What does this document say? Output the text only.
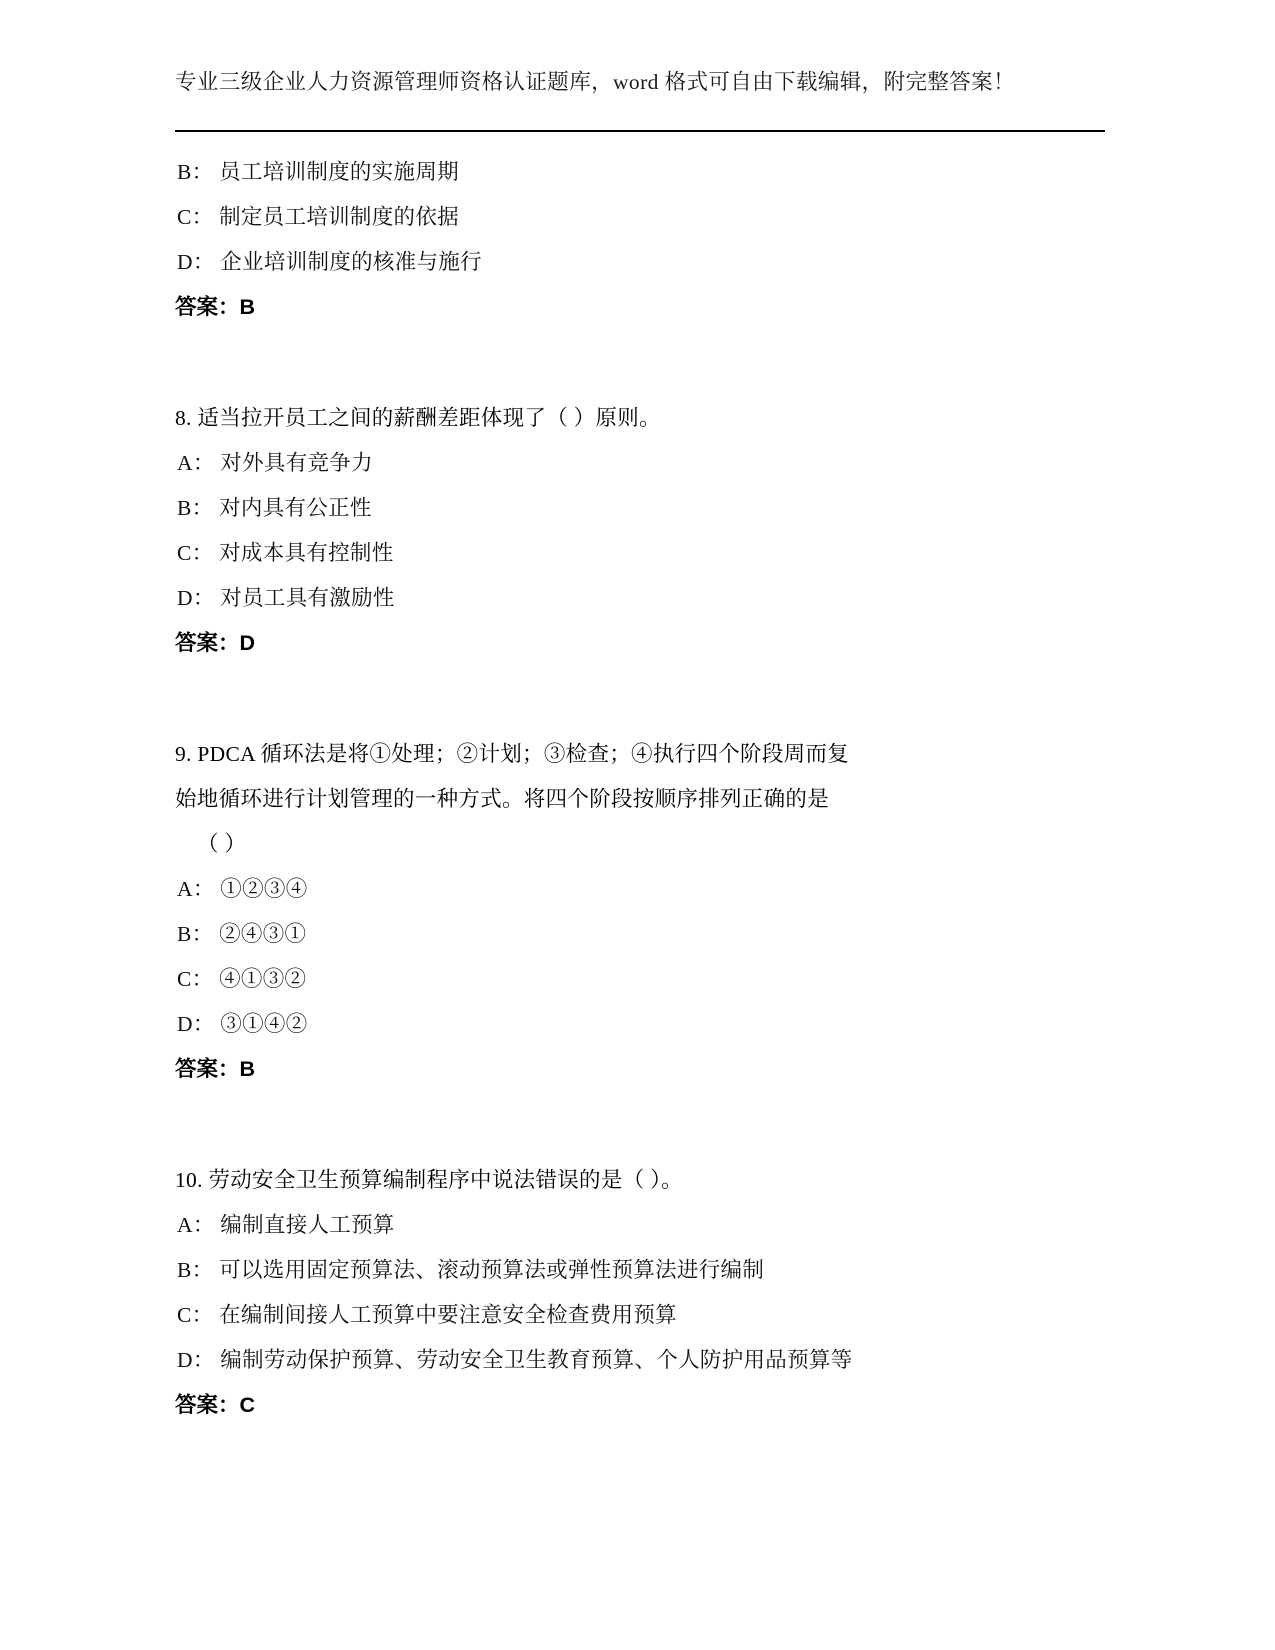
专业三级企业人力资源管理师资格认证题库，word 格式可自由下载编辑，附完整答案！
B： 员工培训制度的实施周期
C： 制定员工培训制度的依据
D： 企业培训制度的核准与施行
答案：B
8. 适当拉开员工之间的薪酬差距体现了（ ）原则。
A： 对外具有竞争力
B： 对内具有公正性
C： 对成本具有控制性
D： 对员工具有激励性
答案：D
9. PDCA 循环法是将①处理；②计划；③检查；④执行四个阶段周而复
始地循环进行计划管理的一种方式。将四个阶段按顺序排列正确的是
（ ）
A： ①②③④
B： ②④③①
C： ④①③②
D： ③①④②
答案：B
10. 劳动安全卫生预算编制程序中说法错误的是（ ）。
A： 编制直接人工预算
B： 可以选用固定预算法、滚动预算法或弹性预算法进行编制
C： 在编制间接人工预算中要注意安全检查费用预算
D： 编制劳动保护预算、劳动安全卫生教育预算、个人防护用品预算等
答案：C
